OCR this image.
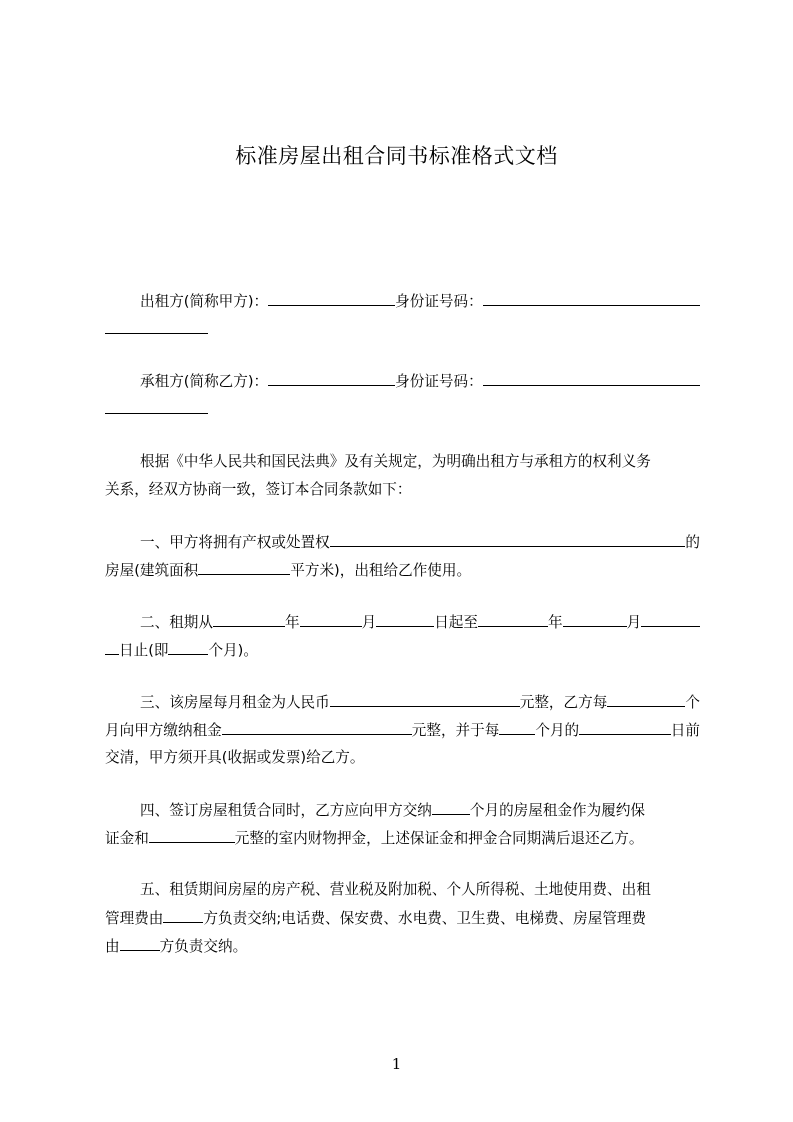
标准房屋出租合同书标准格式文档
出租方(简称甲方)：	身份证号码：
承租方(简称乙方)：	身份证号码：
根据《中华人民共和国民法典》及有关规定，为明确出租方与承租方的权利义务
关系，经双方协商一致，签订本合同条款如下：
一、甲方将拥有产权或处置权	的
房屋(建筑面积	平方米)，出租给乙作使用。
二、租期从	年	月	日起至	年	月
日止(即	个月)。
三、该房屋每月租金为人民币	元整，乙方每	个
月向甲方缴纳租金	元整，并于每 个月的	日前
交清，甲方须开具(收据或发票)给乙方。
四、签订房屋租赁合同时，乙方应向甲方交纳	个月的房屋租金作为履约保
证金和	元整的室内财物押金，上述保证金和押金合同期满后退还乙方。
五、租赁期间房屋的房产税、营业税及附加税、个人所得税、土地使用费、出租
管理费由	方负责交纳;电话费、保安费、水电费、卫生费、电梯费、房屋管理费
由	方负责交纳。
1
